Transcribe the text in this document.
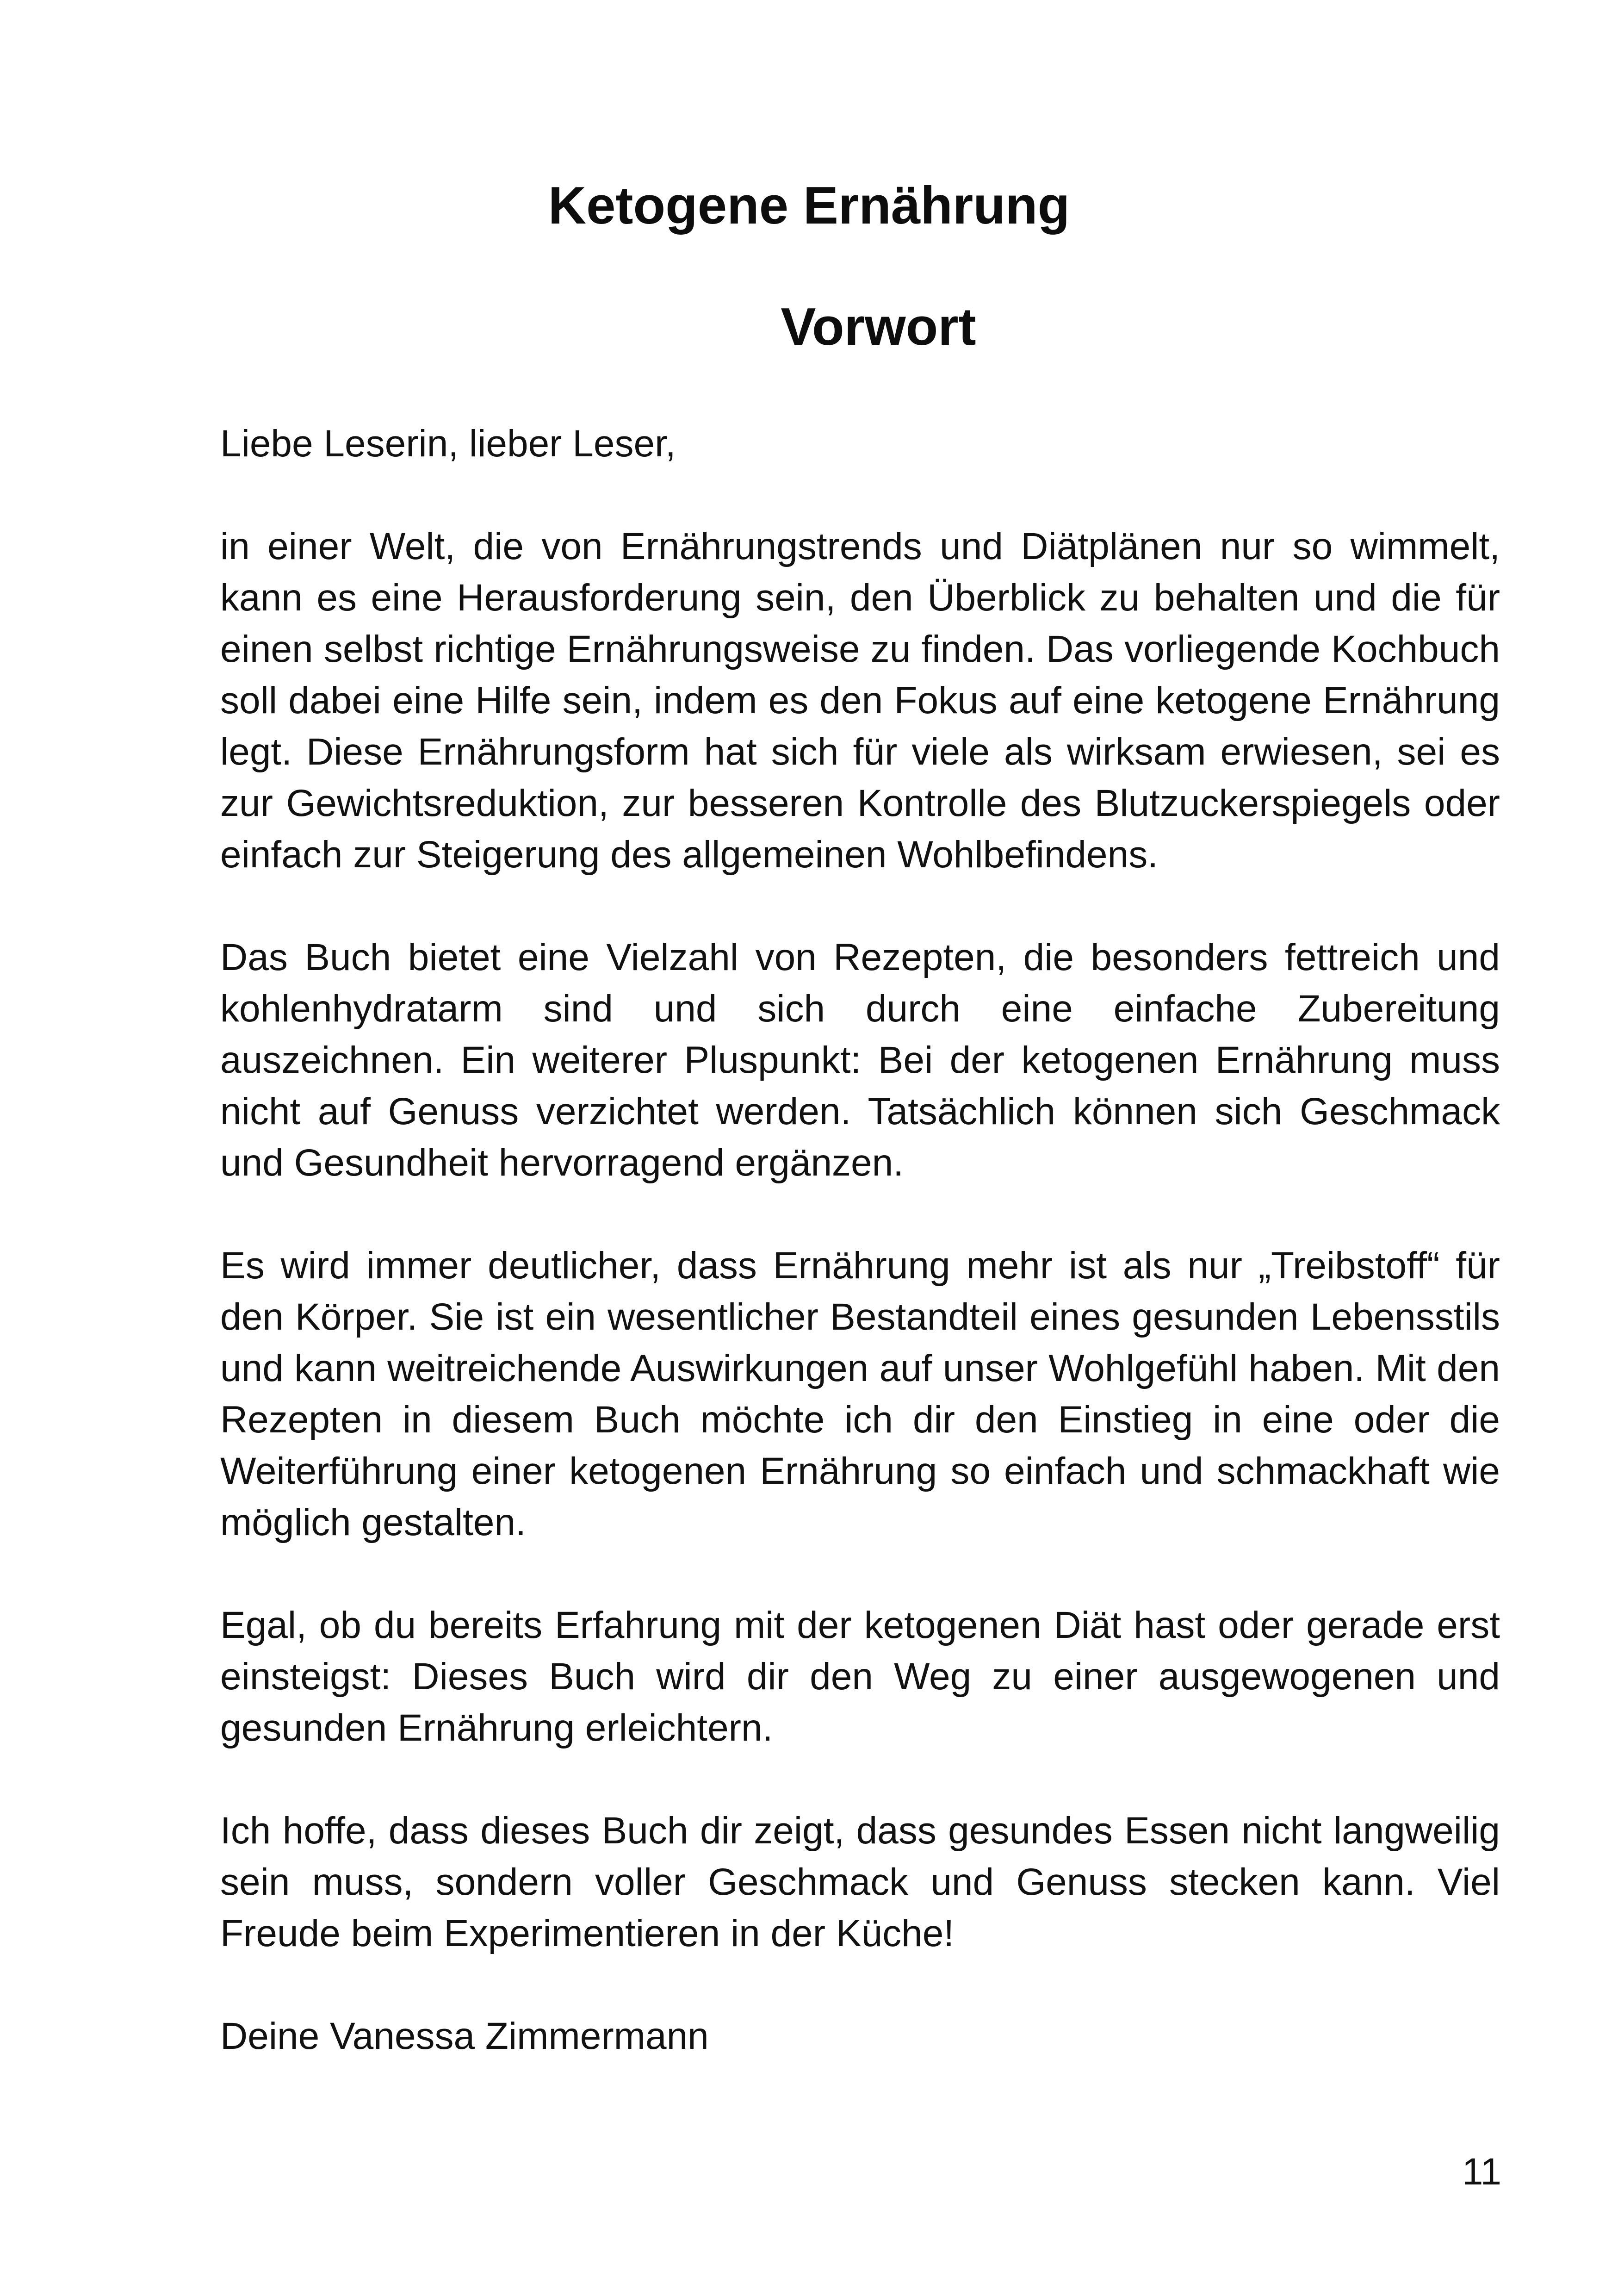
Ketogene Ernährung
Vorwort

Liebe Leserin, lieber Leser,

in einer Welt, die von Ernährungstrends und Diätplänen nur so wimmelt, kann es eine Herausforderung sein, den Überblick zu behalten und die für einen selbst richtige Ernährungsweise zu finden. Das vorliegende Kochbuch soll dabei eine Hilfe sein, indem es den Fokus auf eine ketogene Ernährung legt. Diese Ernährungsform hat sich für viele als wirksam erwiesen, sei es zur Gewichtsreduktion, zur besseren Kontrolle des Blutzuckerspiegels oder einfach zur Steigerung des allgemeinen Wohlbefindens.

Das Buch bietet eine Vielzahl von Rezepten, die besonders fettreich und kohlenhydratarm sind und sich durch eine einfache Zubereitung auszeichnen. Ein weiterer Pluspunkt: Bei der ketogenen Ernährung muss nicht auf Genuss verzichtet werden. Tatsächlich können sich Geschmack und Gesundheit hervorragend ergänzen.

Es wird immer deutlicher, dass Ernährung mehr ist als nur „Treibstoff“ für den Körper. Sie ist ein wesentlicher Bestandteil eines gesunden Lebensstils und kann weitreichende Auswirkungen auf unser Wohlgefühl haben. Mit den Rezepten in diesem Buch möchte ich dir den Einstieg in eine oder die Weiterführung einer ketogenen Ernährung so einfach und schmackhaft wie möglich gestalten.

Egal, ob du bereits Erfahrung mit der ketogenen Diät hast oder gerade erst einsteigst: Dieses Buch wird dir den Weg zu einer ausgewogenen und gesunden Ernährung erleichtern.

Ich hoffe, dass dieses Buch dir zeigt, dass gesundes Essen nicht langweilig sein muss, sondern voller Geschmack und Genuss stecken kann. Viel Freude beim Experimentieren in der Küche!

Deine Vanessa Zimmermann

11
